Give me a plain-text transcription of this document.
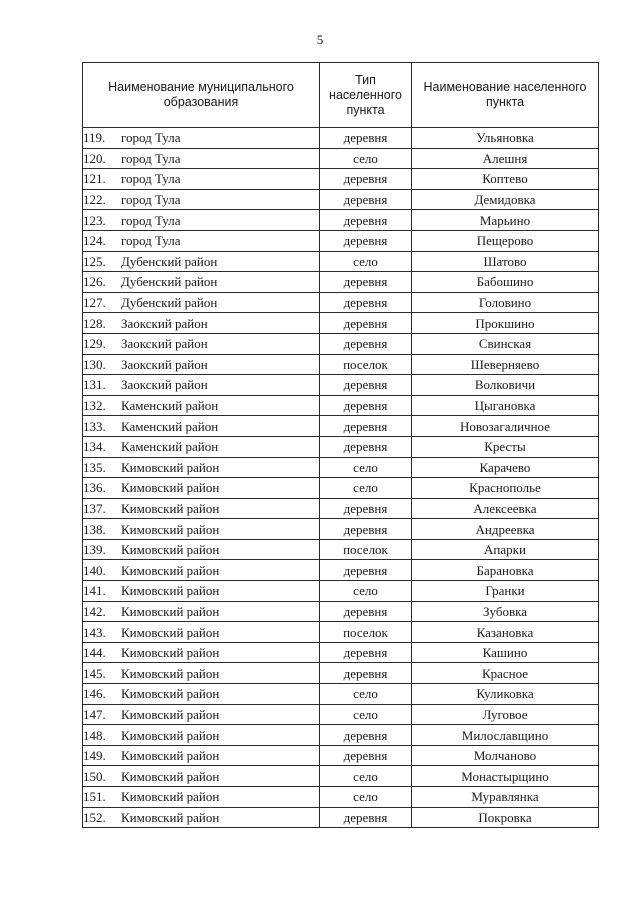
5
Наименование муниципального образования	Тип населенного пункта	Наименование населенного пункта
119. город Тула	деревня	Ульяновка
120. город Тула	село	Алешня
121. город Тула	деревня	Коптево
122. город Тула	деревня	Демидовка
123. город Тула	деревня	Марьино
124. город Тула	деревня	Пещерово
125. Дубенский район	село	Шатово
126. Дубенский район	деревня	Бабошино
127. Дубенский район	деревня	Головино
128. Заокский район	деревня	Прокшино
129. Заокский район	деревня	Свинская
130. Заокский район	поселок	Шеверняево
131. Заокский район	деревня	Волковичи
132. Каменский район	деревня	Цыгановка
133. Каменский район	деревня	Новозагаличное
134. Каменский район	деревня	Кресты
135. Кимовский район	село	Карачево
136. Кимовский район	село	Краснополье
137. Кимовский район	деревня	Алексеевка
138. Кимовский район	деревня	Андреевка
139. Кимовский район	поселок	Апарки
140. Кимовский район	деревня	Барановка
141. Кимовский район	село	Гранки
142. Кимовский район	деревня	Зубовка
143. Кимовский район	поселок	Казановка
144. Кимовский район	деревня	Кашино
145. Кимовский район	деревня	Красное
146. Кимовский район	село	Куликовка
147. Кимовский район	село	Луговое
148. Кимовский район	деревня	Милославщино
149. Кимовский район	деревня	Молчаново
150. Кимовский район	село	Монастырщино
151. Кимовский район	село	Муравлянка
152. Кимовский район	деревня	Покровка
